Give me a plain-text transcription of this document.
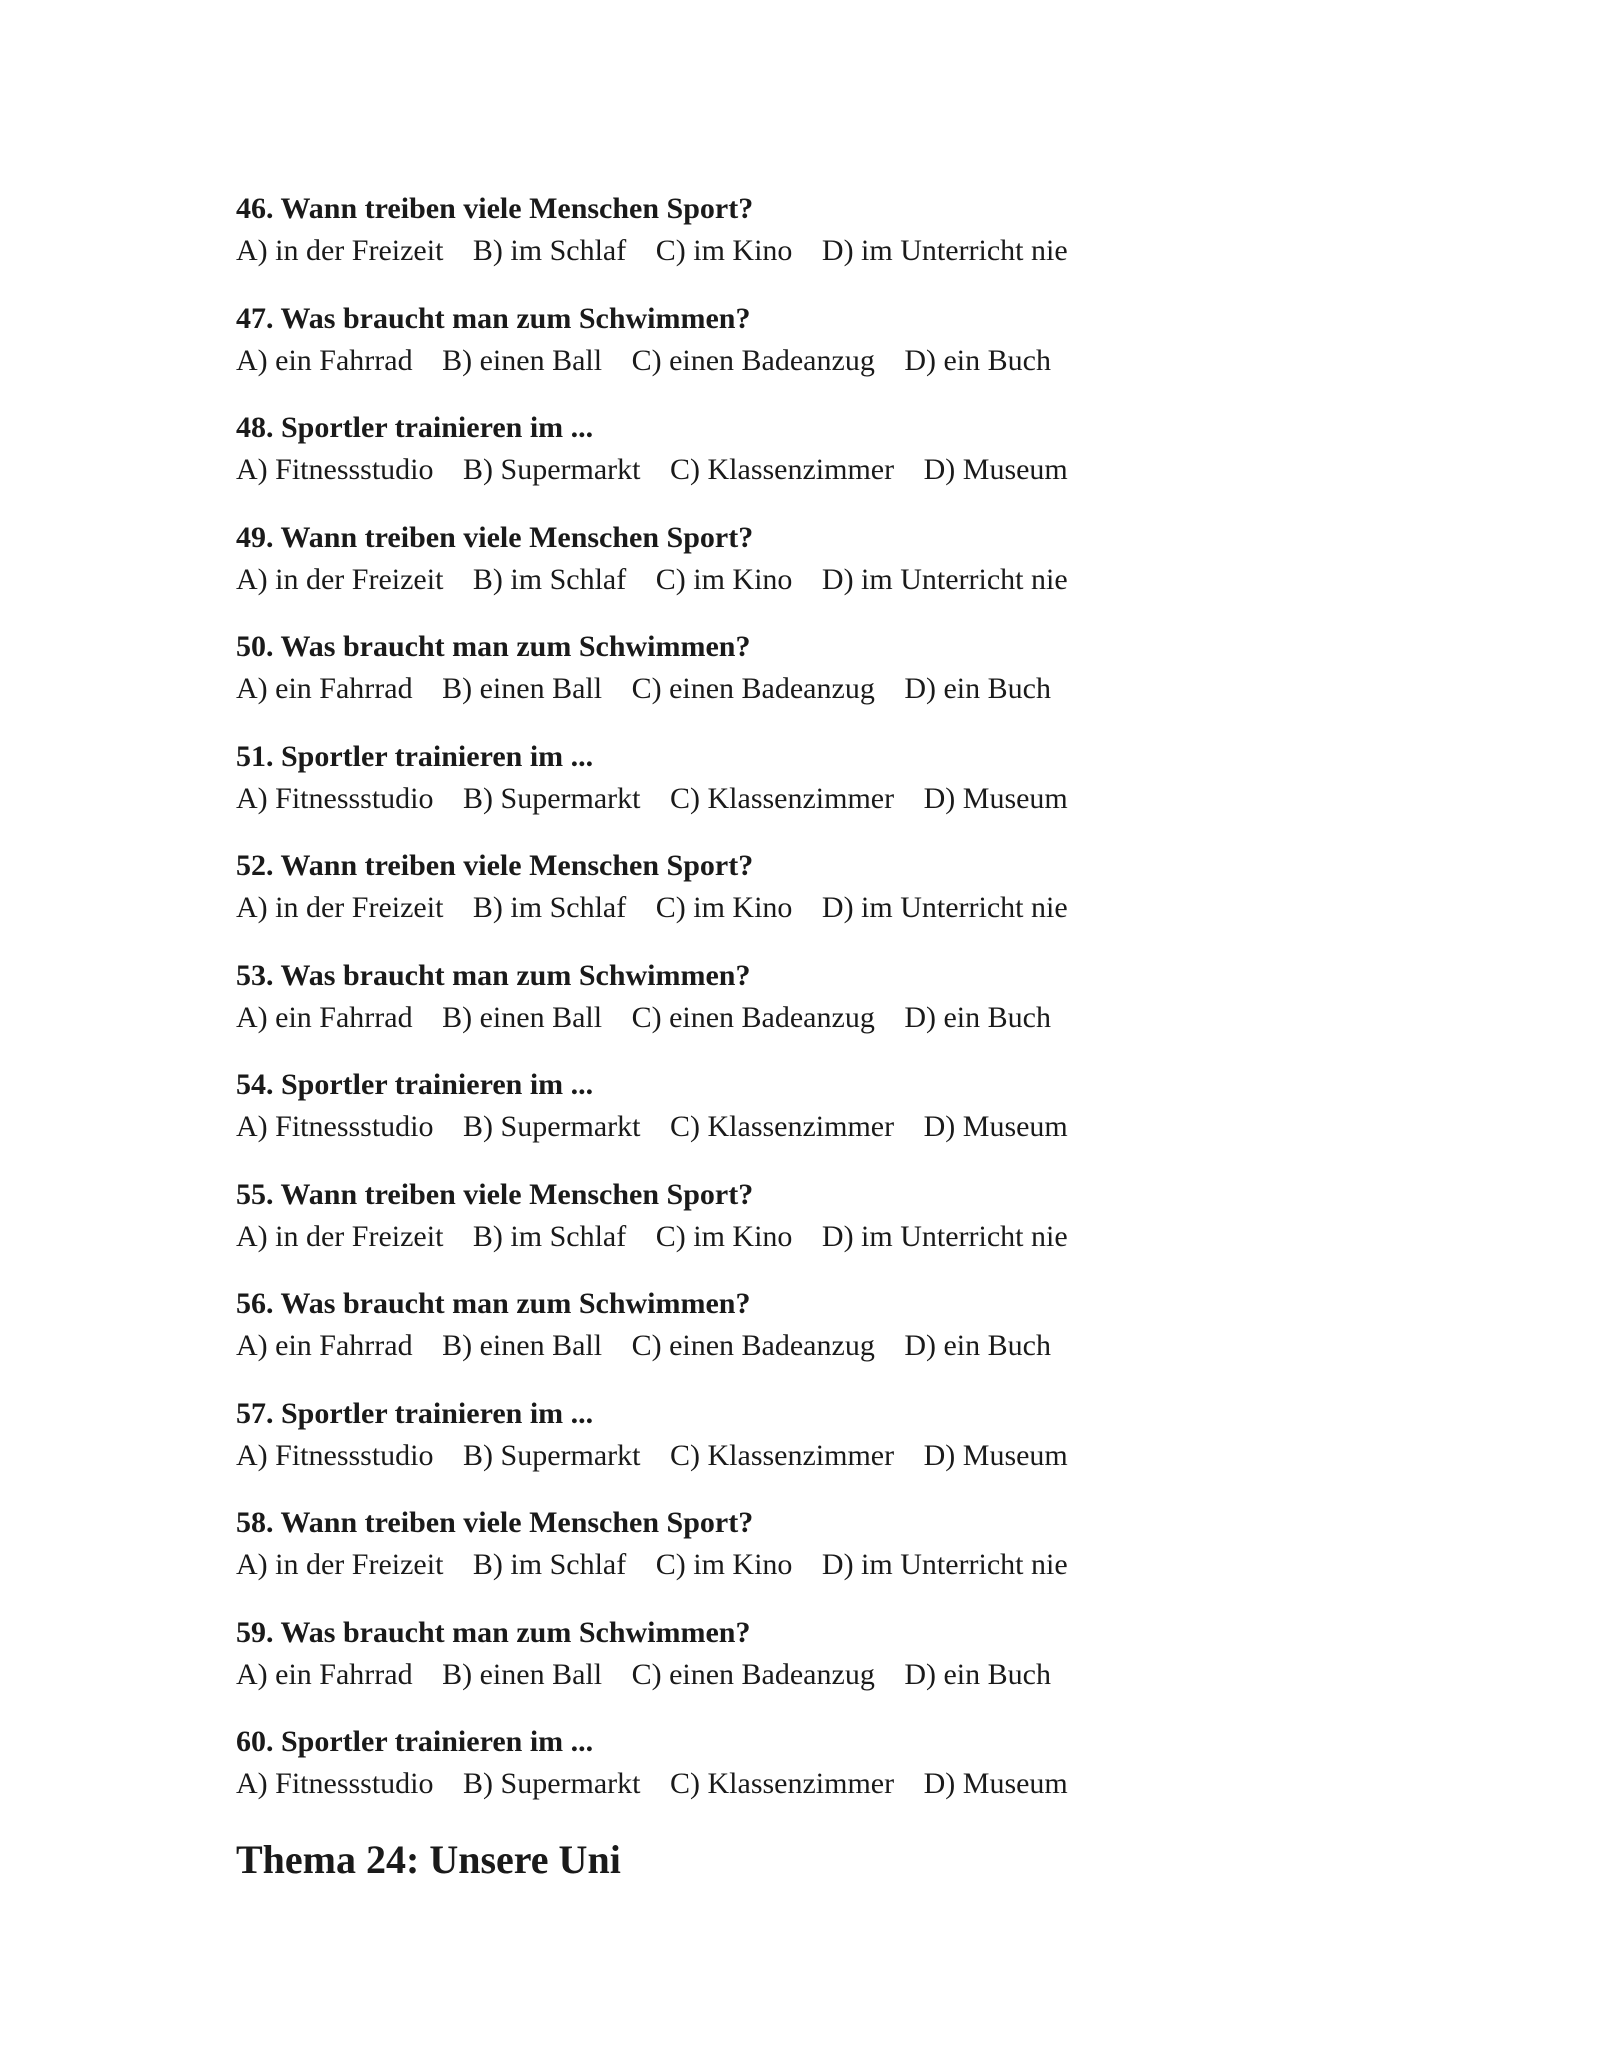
46. Wann treiben viele Menschen Sport?
A) in der Freizeit B) im Schlaf C) im Kino D) im Unterricht nie
47. Was braucht man zum Schwimmen?
A) ein Fahrrad B) einen Ball C) einen Badeanzug D) ein Buch
48. Sportler trainieren im ...
A) Fitnessstudio B) Supermarkt C) Klassenzimmer D) Museum
49. Wann treiben viele Menschen Sport?
A) in der Freizeit B) im Schlaf C) im Kino D) im Unterricht nie
50. Was braucht man zum Schwimmen?
A) ein Fahrrad B) einen Ball C) einen Badeanzug D) ein Buch
51. Sportler trainieren im ...
A) Fitnessstudio B) Supermarkt C) Klassenzimmer D) Museum
52. Wann treiben viele Menschen Sport?
A) in der Freizeit B) im Schlaf C) im Kino D) im Unterricht nie
53. Was braucht man zum Schwimmen?
A) ein Fahrrad B) einen Ball C) einen Badeanzug D) ein Buch
54. Sportler trainieren im ...
A) Fitnessstudio B) Supermarkt C) Klassenzimmer D) Museum
55. Wann treiben viele Menschen Sport?
A) in der Freizeit B) im Schlaf C) im Kino D) im Unterricht nie
56. Was braucht man zum Schwimmen?
A) ein Fahrrad B) einen Ball C) einen Badeanzug D) ein Buch
57. Sportler trainieren im ...
A) Fitnessstudio B) Supermarkt C) Klassenzimmer D) Museum
58. Wann treiben viele Menschen Sport?
A) in der Freizeit B) im Schlaf C) im Kino D) im Unterricht nie
59. Was braucht man zum Schwimmen?
A) ein Fahrrad B) einen Ball C) einen Badeanzug D) ein Buch
60. Sportler trainieren im ...
A) Fitnessstudio B) Supermarkt C) Klassenzimmer D) Museum
Thema 24: Unsere Uni
